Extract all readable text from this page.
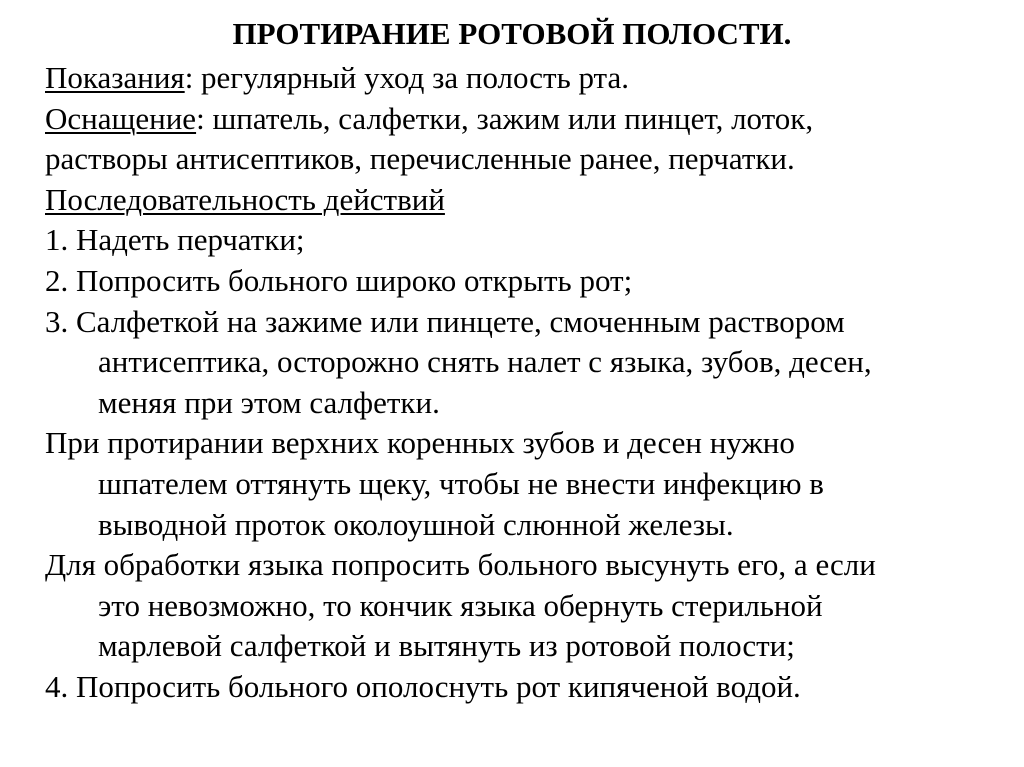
ПРОТИРАНИЕ РОТОВОЙ ПОЛОСТИ.

Показания: регулярный уход за полость рта.

Оснащение: шпатель, салфетки, зажим или пинцет, лоток,

растворы антисептиков, перечисленные ранее, перчатки.

Последовательность действий

1. Надеть перчатки;

2. Попросить больного широко открыть рот;

3. Салфеткой на зажиме или пинцете, смоченным раствором

антисептика, осторожно снять налет с языка, зубов, десен,

меняя при этом салфетки.

При протирании верхних коренных зубов и десен нужно

шпателем оттянуть щеку, чтобы не внести инфекцию в

выводной проток околоушной слюнной железы.

Для обработки языка попросить больного высунуть его, а если

это невозможно, то кончик языка обернуть стерильной

марлевой салфеткой и вытянуть из ротовой полости;

4. Попросить больного ополоснуть рот кипяченой водой.
